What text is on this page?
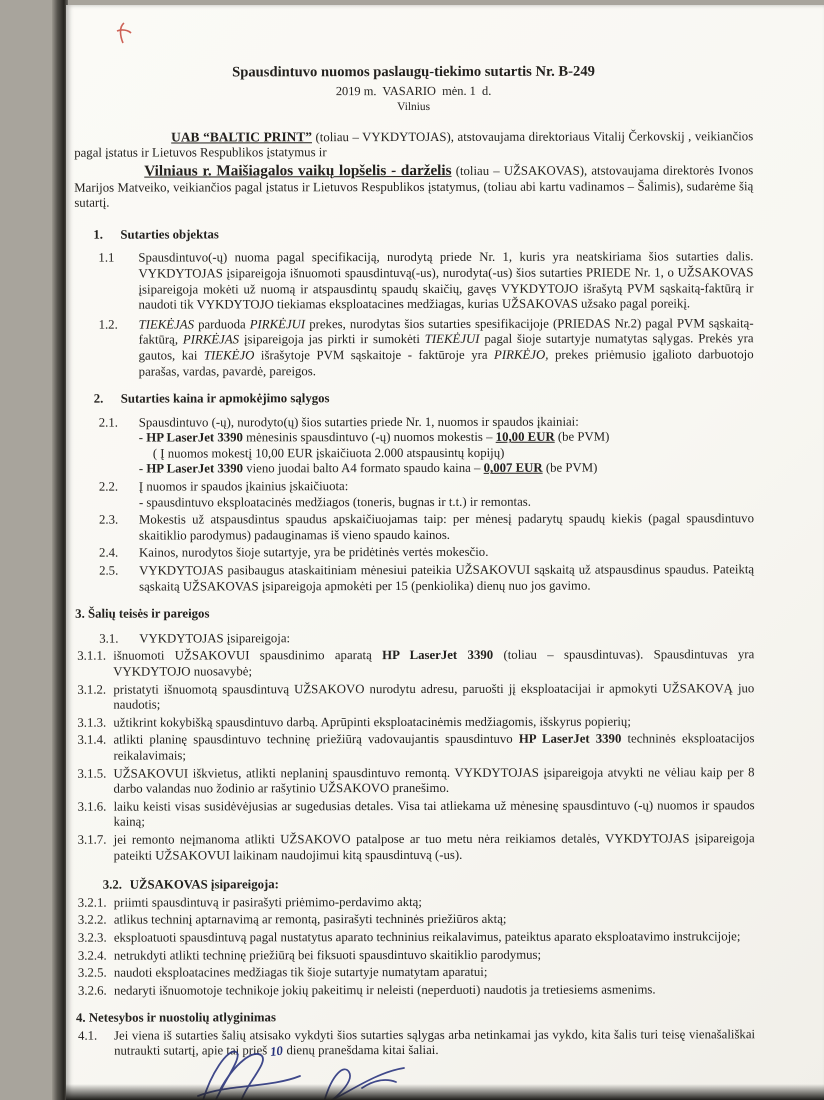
Spausdintuvo nuomos paslaugų-tiekimo sutartis Nr. B-249
2019 m.  VASARIO  mėn. 1  d.
Vilnius

UAB “BALTIC PRINT” (toliau – VYKDYTOJAS), atstovaujama direktoriaus Vitalij Čerkovskij , veikiančios pagal įstatus ir Lietuvos Respublikos įstatymus ir

Vilniaus r. Maišiagalos vaikų lopšelis - darželis (toliau – UŽSAKOVAS), atstovaujama direktorės Ivonos Marijos Matveiko, veikiančios pagal įstatus ir Lietuvos Respublikos įstatymus, (toliau abi kartu vadinamos – Šalimis), sudarėme šią sutartį.

1. Sutarties objektas
1.1	Spausdintuvo(-ų) nuoma pagal specifikaciją, nurodytą priede Nr. 1, kuris yra neatskiriama šios sutarties dalis. VYKDYTOJAS įsipareigoja išnuomoti spausdintuvą(-us), nurodyta(-us) šios sutarties PRIEDE Nr. 1, o UŽSAKOVAS įsipareigoja mokėti už nuomą ir atspausdintų spaudų skaičių, gavęs VYKDYTOJO išrašytą PVM sąskaitą-faktūrą ir naudoti tik VYKDYTOJO tiekiamas eksploatacines medžiagas, kurias UŽSAKOVAS užsako pagal poreikį.
1.2.	TIEKĖJAS parduoda PIRKĖJUI prekes, nurodytas šios sutarties spesifikacijoje (PRIEDAS Nr.2) pagal PVM sąskaitą-faktūrą, PIRKĖJAS įsipareigoja jas pirkti ir sumokėti TIEKĖJUI pagal šioje sutartyje numatytas sąlygas. Prekės yra gautos, kai TIEKĖJO išrašytoje PVM sąskaitoje - faktūroje yra PIRKĖJO, prekes priėmusio įgalioto darbuotojo parašas, vardas, pavardė, pareigos.
2. Sutarties kaina ir apmokėjimo sąlygos
2.1.	Spausdintuvo (-ų), nurodyto(ų) šios sutarties priede Nr. 1, nuomos ir spaudos įkainiai:
- HP LaserJet 3390 mėnesinis spausdintuvo (-ų) nuomos mokestis – 10,00 EUR (be PVM)
( Į nuomos mokestį 10,00 EUR įskaičiuota 2.000 atspausintų kopijų)
- HP LaserJet 3390 vieno juodai balto A4 formato spaudo kaina – 0,007 EUR (be PVM)
2.2.	Į nuomos ir spaudos įkainius įskaičiuota:
- spausdintuvo eksploatacinės medžiagos (toneris, bugnas ir t.t.) ir remontas.
2.3.	Mokestis už atspausdintus spaudus apskaičiuojamas taip: per mėnesį padarytų spaudų kiekis (pagal spausdintuvo skaitiklio parodymus) padauginamas iš vieno spaudo kainos.
2.4.	Kainos, nurodytos šioje sutartyje, yra be pridėtinės vertės mokesčio.
2.5.	VYKDYTOJAS pasibaugus ataskaitiniam mėnesiui pateikia UŽSAKOVUI sąskaitą už atspausdinus spaudus. Pateiktą sąskaitą UŽSAKOVAS įsipareigoja apmokėti per 15 (penkiolika) dienų nuo jos gavimo.
3. Šalių teisės ir pareigos
3.1.	VYKDYTOJAS įsipareigoja:
3.1.1. išnuomoti UŽSAKOVUI spausdinimo aparatą HP LaserJet 3390 (toliau – spausdintuvas). Spausdintuvas yra VYKDYTOJO nuosavybė;
3.1.2. pristatyti išnuomotą spausdintuvą UŽSAKOVO nurodytu adresu, paruošti jį eksploatacijai ir apmokyti UŽSAKOVĄ juo naudotis;
3.1.3. užtikrint kokybišką spausdintuvo darbą. Aprūpinti eksploatacinėmis medžiagomis, išskyrus popierių;
3.1.4. atlikti planinę spausdintuvo techninę priežiūrą vadovaujantis spausdintuvo HP LaserJet 3390 techninės eksploatacijos reikalavimais;
3.1.5. UŽSAKOVUI iškvietus, atlikti neplaninį spausdintuvo remontą. VYKDYTOJAS įsipareigoja atvykti ne vėliau kaip per 8 darbo valandas nuo žodinio ar rašytinio UŽSAKOVO pranešimo.
3.1.6. laiku keisti visas susidėvėjusias ar sugedusias detales. Visa tai atliekama už mėnesinę spausdintuvo (-ų) nuomos ir spaudos kainą;
3.1.7. jei remonto neįmanoma atlikti UŽSAKOVO patalpose ar tuo metu nėra reikiamos detalės, VYKDYTOJAS įsipareigoja pateikti UŽSAKOVUI laikinam naudojimui kitą spausdintuvą (-us).
3.2. UŽSAKOVAS įsipareigoja:
3.2.1. priimti spausdintuvą ir pasirašyti priėmimo-perdavimo aktą;
3.2.2. atlikus techninį aptarnavimą ar remontą, pasirašyti techninės priežiūros aktą;
3.2.3. eksploatuoti spausdintuvą pagal nustatytus aparato techninius reikalavimus, pateiktus aparato eksploatavimo instrukcijoje;
3.2.4. netrukdyti atlikti techninę priežiūrą bei fiksuoti spausdintuvo skaitiklio parodymus;
3.2.5. naudoti eksploatacines medžiagas tik šioje sutartyje numatytam aparatui;
3.2.6. nedaryti išnuomotoje technikoje jokių pakeitimų ir neleisti (neperduoti) naudotis ja tretiesiems asmenims.
4. Netesybos ir nuostolių atlyginimas
4.1.	Jei viena iš sutarties šalių atsisako vykdyti šios sutarties sąlygas arba netinkamai jas vykdo, kita šalis turi teisę vienašališkai nutraukti sutartį, apie tai prieš 10 dienų pranešdama kitai šaliai.
